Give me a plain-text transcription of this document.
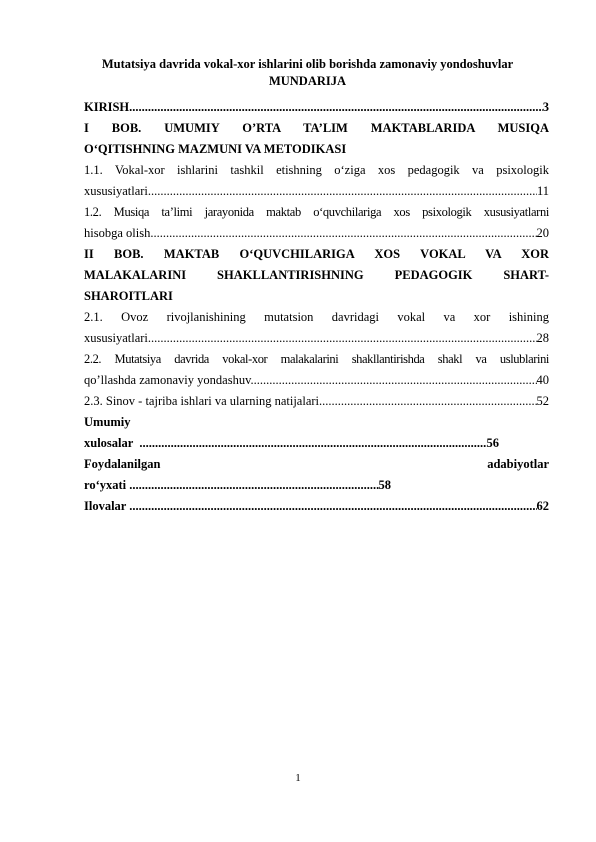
Mutatsiya davrida vokal-xor ishlarini olib borishda zamonaviy yondoshuvlar
MUNDARIJA
KIRISH .....	3
I BOB. UMUMIY O’RTA TA’LIM MAKTABLARIDA MUSIQA
O‘QITISHNING MAZMUNI VA METODIKASI
1.1. Vokal-xor ishlarini tashkil etishning o‘ziga xos pedagogik va psixologik
xususiyatlari .....	11
1.2. Musiqa ta’limi jarayonida maktab o‘quvchilariga xos psixologik xususiyatlarni
hisobga olish .....	20
II BOB. MAKTAB O‘QUVCHILARIGA XOS VOKAL VA XOR
MALAKALARINI SHAKLLANTIRISHNING PEDAGOGIK SHART-
SHAROITLARI
2.1. Ovoz rivojlanishining mutatsion davridagi vokal va xor ishining
xususiyatlari .....	28
2.2. Mutatsiya davrida vokal-xor malakalarini shakllantirishda shakl va uslublarini
qo’llashda zamonaviy yondashuv. .....	40
2.3. Sinov - tajriba ishlari va ularning natijalari .....	52
Umumiy
xulosalar .....	56
Foydalanilgan	adabiyotlar
ro‘yxati .....	58
Ilovalar .....	62
1
